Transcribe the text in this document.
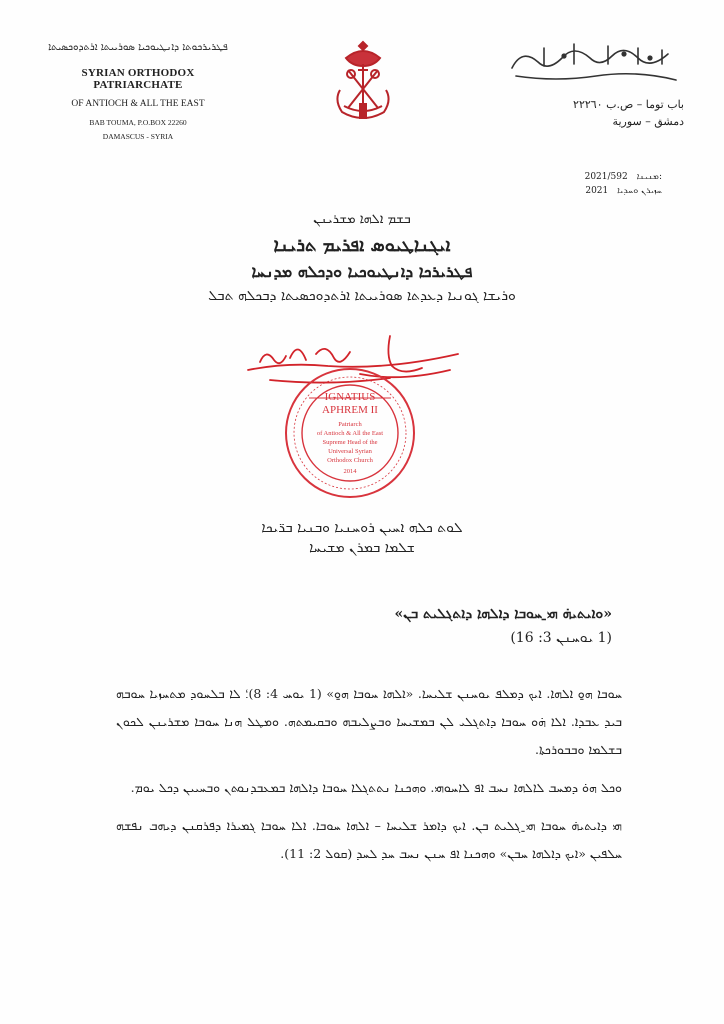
ܦܛܪܝܪܟܘܬܐ ܕܐܢܛܝܘܟܝܐ ܣܘܪܝܝܬܐ ܐܪܬܕܘܟܣܝܬܐ
SYRIAN ORTHODOX PATRIARCHATE
OF ANTIOCH & ALL THE EAST
BAB TOUMA, P.O.BOX 22260
DAMASCUS - SYRIA
باب توما – ص.ب ٢٢٢٦٠
دمشق – سورية
2021/592 ܡܢܝܢܐ:
2021 ܚܙܝܪܢ ܘܚܕܝܐ
ܒܫܡ ܐܠܗܐ ܡܫܪܝܢܢ
ܐܝܓܢܐܛܝܘܣ ܐܦܪܝܡ ܬܪܝܢܐ
ܦܛܪܝܪܟܐ ܕܐܢܛܝܘܟܝܐ ܘܕܟܠܗ ܡܕܢܚܐ
ܘܪܝܫܐ ܓܘܢܝܐ ܕܥܕܬܐ ܣܘܪܝܝܬܐ ܐܪܬܕܘܟܣܝܬܐ ܕܒܟܠܗ ܬܒܠ
IGNATIUS
APHREM II
Patriarch
of Antioch & All the East
Supreme Head of the
Universal Syrian
Orthodox Church
2014
ܠܘܬ ܟܠܗ ܐܚܝܢ ܪܘܚܢܝܐ ܘܒܢܝܐ ܒܪ̈ܝܟܐ
ܫܠܡܐ ܒܡܪܢ ܡܫܝܚܐ
«ܘܐܝܬܝܗ̇ ܗ̱ܝ ܚܘܒܐ ܕܐܠܗܐ ܕܐܬܓܠܝܬ ܒܢ»
(1 ܝܘܚܢܢ 3: 16)

ܚܘܒܐ ܗ̱ܘ ܐܠܗܐ. ܐܝܟ ܕܡܠܦ ܝܘܚܢܢ ܫܠܝܚܐ. «ܐܠܗܐ ܚܘܒܐ ܗ̱ܘ» (1 ܝܘܚ 4: 8)؛ ܠܐ ܒܠܚܘܕ ܡܬܚܙܝܐ ܚܘܒܗ ܒܝܕ ܥܒܕܐ. ܐܠܐ ܗ̇ܘ ܚܘܒܐ ܕܐܬܓܠܝ ܠܢ ܒܡܫܝܚܐ ܘܒܨܠܝܒܗ ܘܒܩܝܡܬܗ. ܘܡܛܠ ܗܢܐ ܚܘܒܐ ܡܫܪܝܢܢ ܠܟܘܢ ܒܫܠܡܐ ܘܒܒܘܪܟܬܐ.

ܘܟܠ ܗܘ̇ ܕܡܚܒ ܠܐܠܗܐ ܢܚܒ ܐܦ ܠܐܚܘܗܝ. ܘܗܟܢܐ ܢܬܬܓܠܐ ܚܘܒܐ ܕܐܠܗܐ ܒܡܥܒܕܢܘܬܢ ܘܒܚܝܝܢ ܕܟܠ ܝܘܡ.

ܗܝ ܕܐܝܬܝܗ̇ ܚܘܒܐ ܗ̱ܝ ܓܠܝܬ ܒܢ. ܐܝܟ ܕܐܡܪ ܫܠܝܚܐ – ܐܠܗܐ ܚܘܒܐ. ܐܠܐ ܚܘܒܐ ܓܡܝܪܐ ܕܦܪܩܢܢ ܕܝܗܒ ܢܦܫܗ ܚܠܦܝܢ «ܐܝܟ ܕܐܠܗܐ ܚܒܢ» ܘܗܟܢܐ ܐܦ ܚܢܢ ܢܚܒ ܚܕ ܠܚܕ (ܩܘܠ 2: 11).
